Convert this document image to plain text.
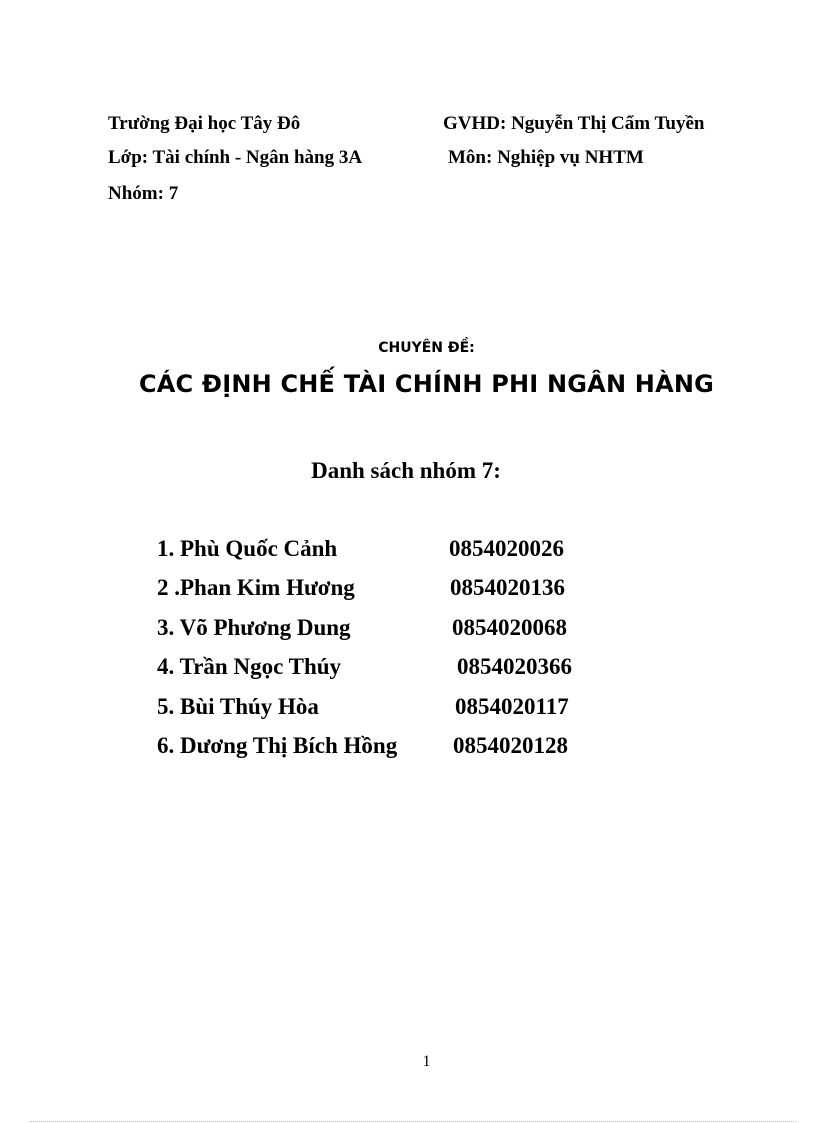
Trường Đại học Tây Đô	GVHD: Nguyễn Thị Cẩm Tuyền
Lớp: Tài chính - Ngân hàng 3A	Môn: Nghiệp vụ NHTM
Nhóm: 7
CHUYÊN ĐỀ:
CÁC ĐỊNH CHẾ TÀI CHÍNH PHI NGÂN HÀNG
Danh sách nhóm 7:
1. Phù Quốc Cảnh	0854020026
2 .Phan Kim Hương	0854020136
3. Võ Phương Dung	0854020068
4. Trần Ngọc Thúy	0854020366
5. Bùi Thúy Hòa	0854020117
6. Dương Thị Bích Hồng 0854020128
1
